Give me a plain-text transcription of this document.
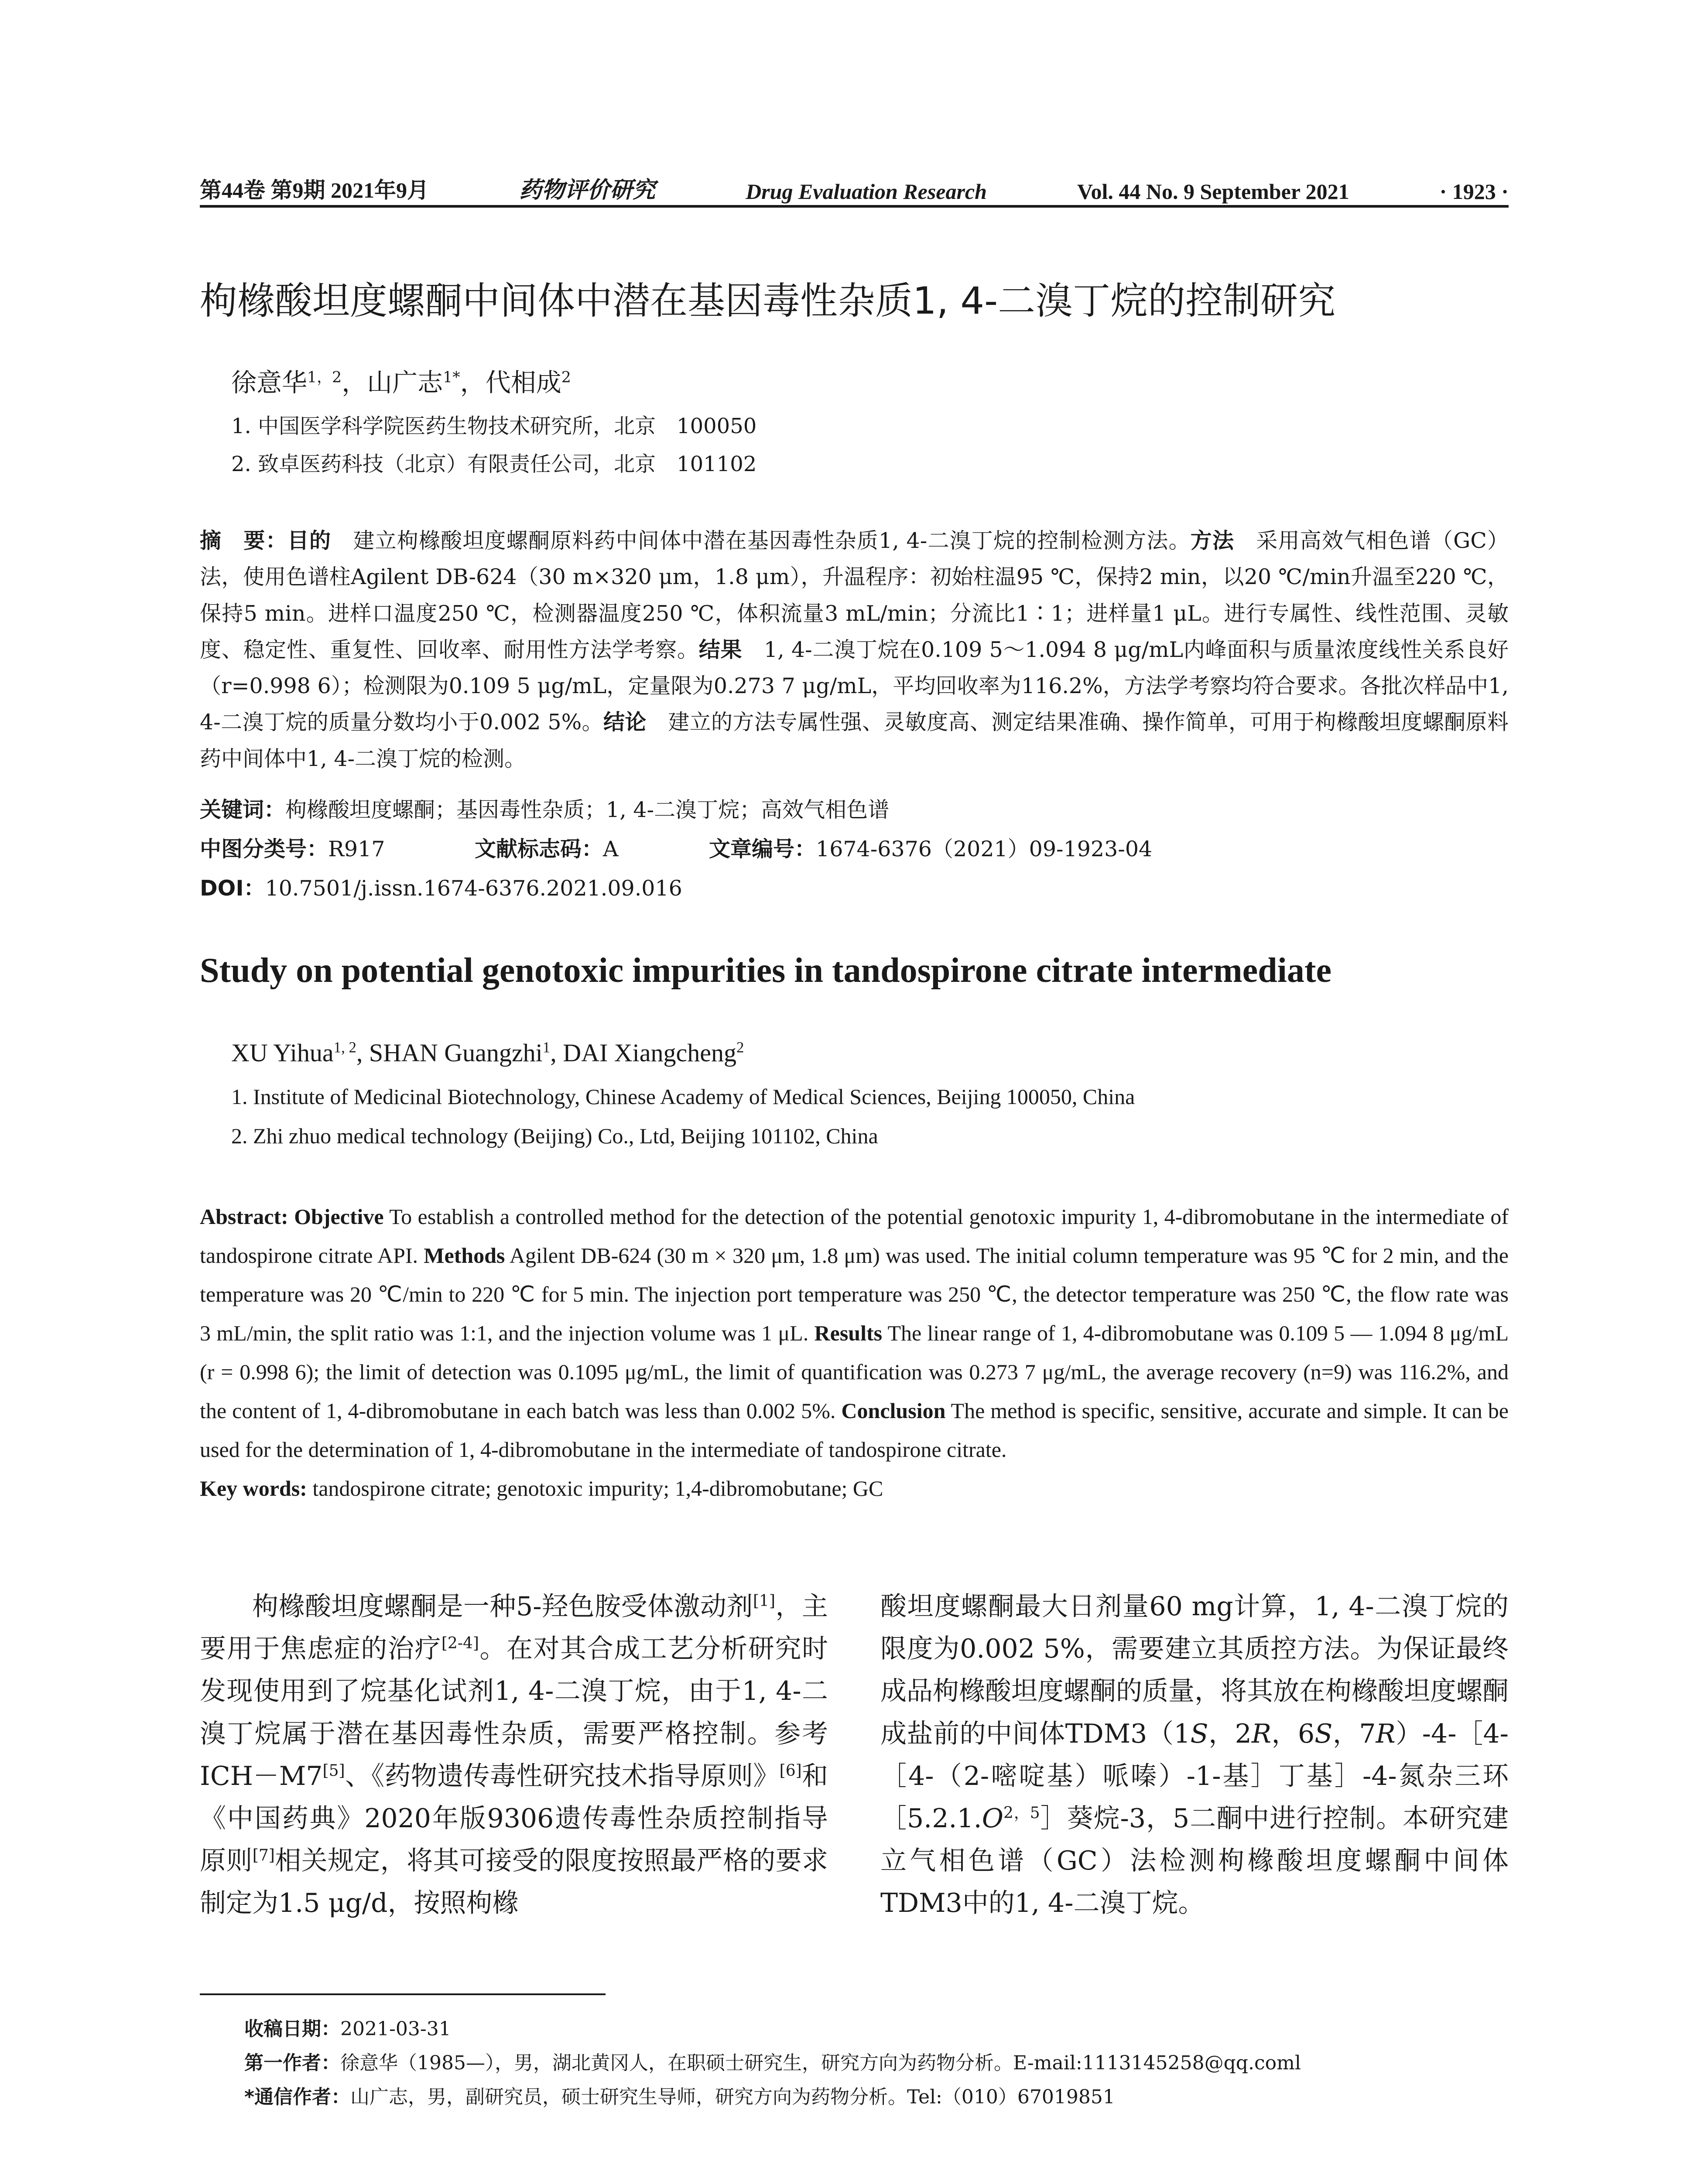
第44卷 第9期 2021年9月	药物评价研究	Drug Evaluation Research	Vol. 44 No. 9 September 2021	· 1923 ·
枸橼酸坦度螺酮中间体中潜在基因毒性杂质1, 4-二溴丁烷的控制研究
徐意华$^{1,2}$，山广志$^{1*}$，代相成$^2$
1. 中国医学科学院医药生物技术研究所，北京　100050
2. 致卓医药科技（北京）有限责任公司，北京　101102
摘　要：目的　 建立枸橼酸坦度螺酮原料药中间体中潜在基因毒性杂质1, 4-二溴丁烷的控制检测方法。方法　 采用高效气相色谱（GC）法，使用色谱柱Agilent DB-624（30 m×320 μm，1.8 μm），升温程序：初始柱温95 ℃，保持2 min，以20 ℃/min升温至220 ℃，保持5 min。进样口温度250 ℃，检测器温度250 ℃，体积流量3 mL/min；分流比1∶1；进样量1 μL。进行专属性、线性范围、灵敏度、稳定性、重复性、回收率、耐用性方法学考察。结果　 1, 4-二溴丁烷在0.109 5～1.094 8 μg/mL内峰面积与质量浓度线性关系良好（r=0.998 6）；检测限为0.109 5 μg/mL，定量限为0.273 7 μg/mL，平均回收率为116.2%，方法学考察均符合要求。各批次样品中1, 4-二溴丁烷的质量分数均小于0.002 5%。结论　 建立的方法专属性强、灵敏度高、测定结果准确、操作简单，可用于枸橼酸坦度螺酮原料药中间体中1, 4-二溴丁烷的检测。
关键词：枸橼酸坦度螺酮；基因毒性杂质；1, 4-二溴丁烷；高效气相色谱
中图分类号：R917	文献标志码：A	文章编号：1674-6376（2021）09-1923-04
DOI：10.7501/j.issn.1674-6376.2021.09.016
Study on potential genotoxic impurities in tandospirone citrate intermediate
XU Yihua$^{1, 2}$, SHAN Guangzhi$^1$, DAI Xiangcheng$^2$
1. Institute of Medicinal Biotechnology, Chinese Academy of Medical Sciences, Beijing 100050, China
2. Zhi zhuo medical technology (Beijing) Co., Ltd, Beijing 101102, China
Abstract: Objective To establish a controlled method for the detection of the potential genotoxic impurity 1, 4-dibromobutane in the intermediate of tandospirone citrate API. Methods Agilent DB-624 (30 m × 320 μm, 1.8 μm) was used. The initial column temperature was 95 ℃ for 2 min, and the temperature was 20 ℃/min to 220 ℃ for 5 min. The injection port temperature was 250 ℃, the detector temperature was 250 ℃, the flow rate was 3 mL/min, the split ratio was 1:1, and the injection volume was 1 μL. Results The linear range of 1, 4-dibromobutane was 0.109 5 — 1.094 8 μg/mL (r = 0.998 6); the limit of detection was 0.1095 μg/mL, the limit of quantification was 0.273 7 μg/mL, the average recovery (n=9) was 116.2%, and the content of 1, 4-dibromobutane in each batch was less than 0.002 5%. Conclusion The method is specific, sensitive, accurate and simple. It can be used for the determination of 1, 4-dibromobutane in the intermediate of tandospirone citrate.
Key words: tandospirone citrate; genotoxic impurity; 1,4-dibromobutane; GC
枸橼酸坦度螺酮是一种5-羟色胺受体激动剂[1]，主要用于焦虑症的治疗[2-4]。在对其合成工艺分析研究时发现使用到了烷基化试剂1, 4-二溴丁烷，由于1, 4-二溴丁烷属于潜在基因毒性杂质，需要严格控制。参考ICH－M7[5]、《药物遗传毒性研究技术指导原则》[6]和《中国药典》2020年版9306遗传毒性杂质控制指导原则[7]相关规定，将其可接受的限度按照最严格的要求制定为1.5 μg/d，按照枸橼
酸坦度螺酮最大日剂量60 mg计算，1, 4-二溴丁烷的限度为0.002 5%，需要建立其质控方法。为保证最终成品枸橼酸坦度螺酮的质量，将其放在枸橼酸坦度螺酮成盐前的中间体TDM3（1S，2R，6S，7R）-4-［4-［4-（2-嘧啶基）哌嗪）-1-基］丁基］-4-氮杂三环$[5.2.1.O^{2,5}]$葵烷-3，5二酮中进行控制。本研究建立气相色谱（GC）法检测枸橼酸坦度螺酮中间体TDM3中的1, 4-二溴丁烷。
收稿日期：2021-03-31
第一作者：徐意华（1985—），男，湖北黄冈人，在职硕士研究生，研究方向为药物分析。E-mail:1113145258@qq.coml
*通信作者：山广志，男，副研究员，硕士研究生导师，研究方向为药物分析。Tel:（010）67019851
